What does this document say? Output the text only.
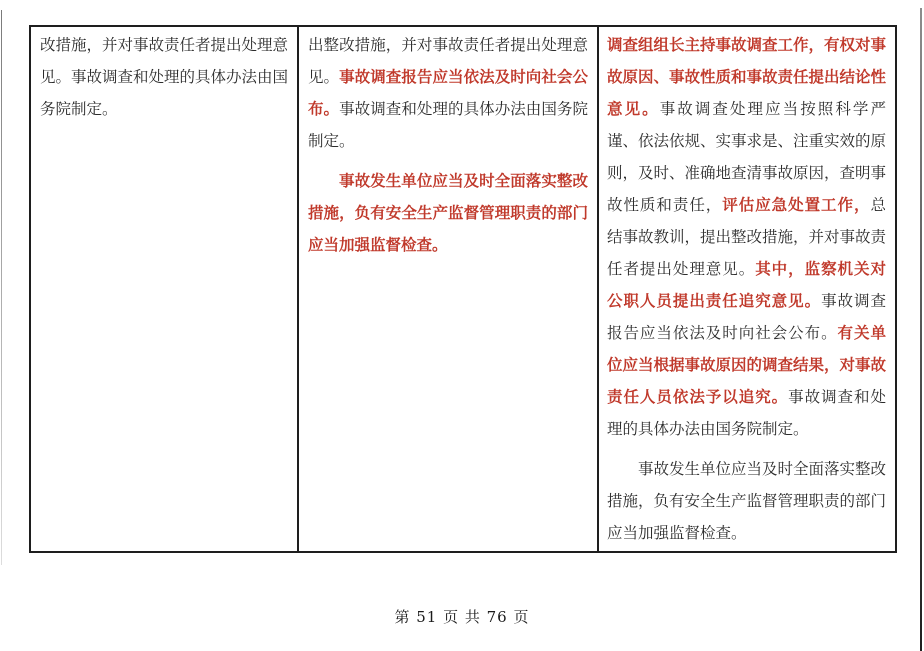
改措施，并对事故责任者提出处理意见。事故调查和处理的具体办法由国务院制定。

出整改措施，并对事故责任者提出处理意见。事故调查报告应当依法及时向社会公布。事故调查和处理的具体办法由国务院制定。

事故发生单位应当及时全面落实整改措施，负有安全生产监督管理职责的部门应当加强监督检查。

调查组组长主持事故调查工作，有权对事故原因、事故性质和事故责任提出结论性意见。事故调查处理应当按照科学严谨、依法依规、实事求是、注重实效的原则，及时、准确地查清事故原因，查明事故性质和责任，评估应急处置工作，总结事故教训，提出整改措施，并对事故责任者提出处理意见。其中，监察机关对公职人员提出责任追究意见。事故调查报告应当依法及时向社会公布。有关单位应当根据事故原因的调查结果，对事故责任人员依法予以追究。事故调查和处理的具体办法由国务院制定。

事故发生单位应当及时全面落实整改措施，负有安全生产监督管理职责的部门应当加强监督检查。

第 51 页 共 76 页
